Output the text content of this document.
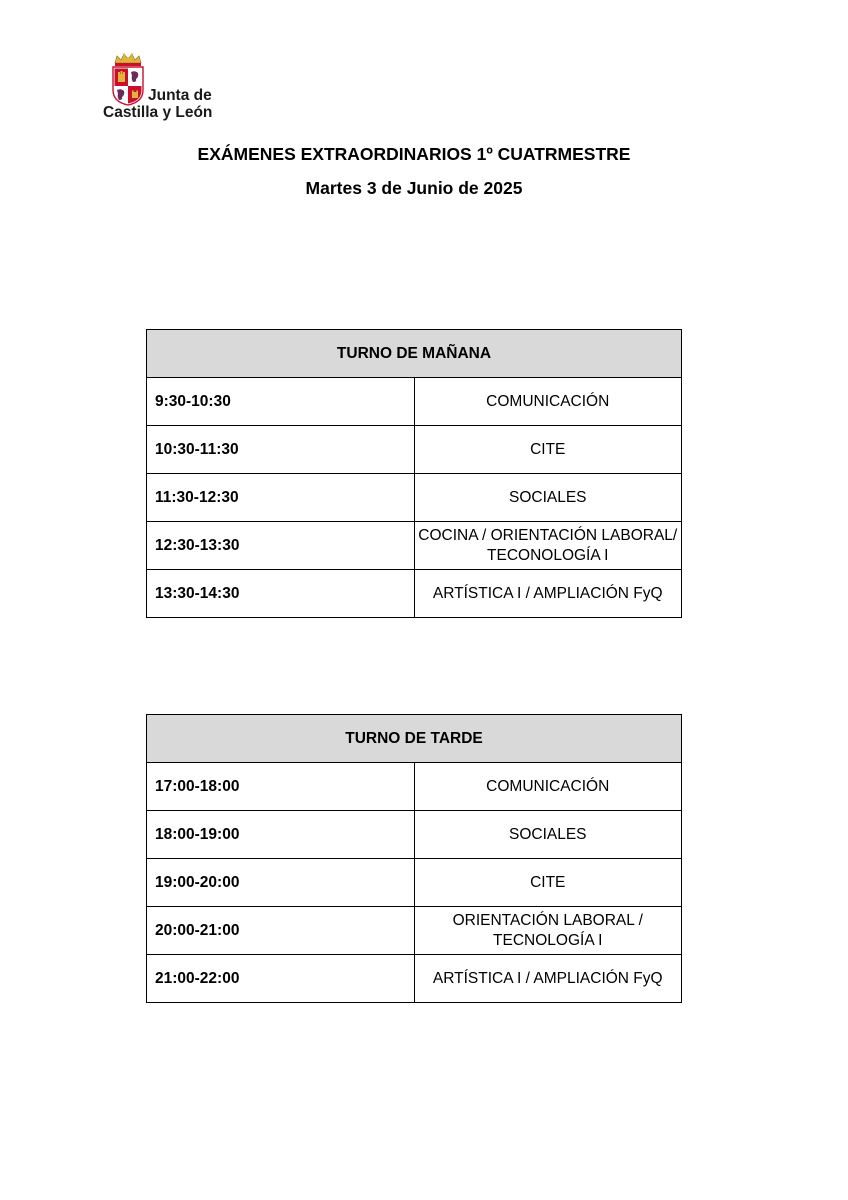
Junta de
Castilla y León
EXÁMENES EXTRAORDINARIOS 1º CUATRMESTRE
Martes 3 de Junio de 2025
TURNO DE MAÑANA	
9:30-10:30	COMUNICACIÓN
10:30-11:30	CITE
11:30-12:30	SOCIALES
12:30-13:30	COCINA / ORIENTACIÓN LABORAL/
TECONOLOGÍA I

13:30-14:30	ARTÍSTICA I / AMPLIACIÓN FyQ
TURNO DE TARDE	
17:00-18:00	COMUNICACIÓN
18:00-19:00	SOCIALES
19:00-20:00	CITE
20:00-21:00	ORIENTACIÓN LABORAL / TECNOLOGÍA I
21:00-22:00	ARTÍSTICA I / AMPLIACIÓN FyQ
